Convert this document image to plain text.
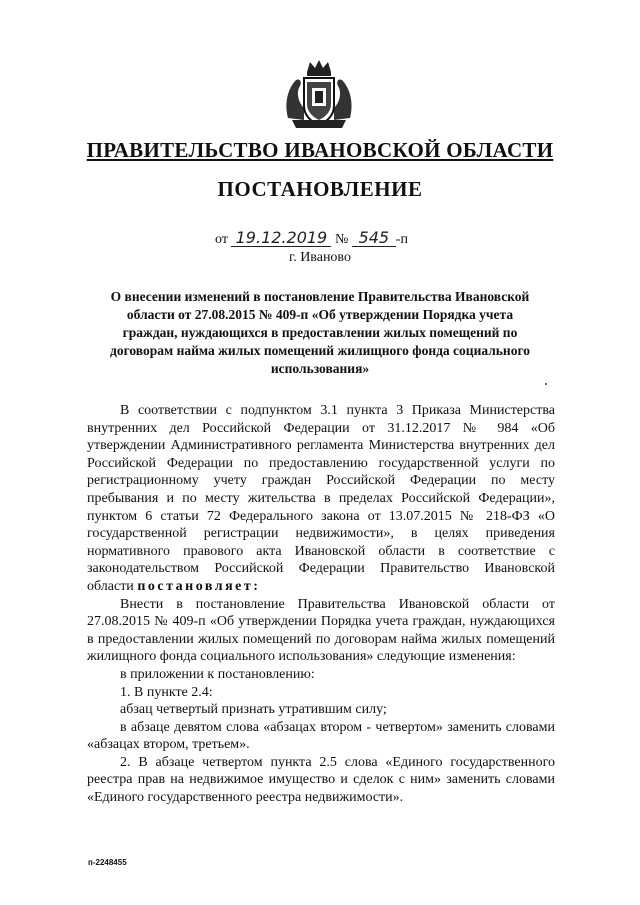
ПРАВИТЕЛЬСТВО ИВАНОВСКОЙ ОБЛАСТИ
ПОСТАНОВЛЕНИЕ
от 19.12.2019 № 545 -п
г. Иваново
О внесении изменений в постановление Правительства Ивановской области от 27.08.2015 № 409-п «Об утверждении Порядка учета граждан, нуждающихся в предоставлении жилых помещений по договорам найма жилых помещений жилищного фонда социального использования»

В соответствии с подпунктом 3.1 пункта 3 Приказа Министерства внутренних дел Российской Федерации от 31.12.2017 № 984 «Об утверждении Административного регламента Министерства внутренних дел Российской Федерации по предоставлению государственной услуги по регистрационному учету граждан Российской Федерации по месту пребывания и по месту жительства в пределах Российской Федерации», пунктом 6 статьи 72 Федерального закона от 13.07.2015 № 218-ФЗ «О государственной регистрации недвижимости», в целях приведения нормативного правового акта Ивановской области в соответствие с законодательством Российской Федерации Правительство Ивановской области постановляет:

Внести в постановление Правительства Ивановской области от 27.08.2015 № 409-п «Об утверждении Порядка учета граждан, нуждающихся в предоставлении жилых помещений по договорам найма жилых помещений жилищного фонда социального использования» следующие изменения:

в приложении к постановлению:

1. В пункте 2.4:

абзац четвертый признать утратившим силу;

в абзаце девятом слова «абзацах втором - четвертом» заменить словами «абзацах втором, третьем».

2. В абзаце четвертом пункта 2.5 слова «Единого государственного реестра прав на недвижимое имущество и сделок с ним» заменить словами «Единого государственного реестра недвижимости».

п-2248455
